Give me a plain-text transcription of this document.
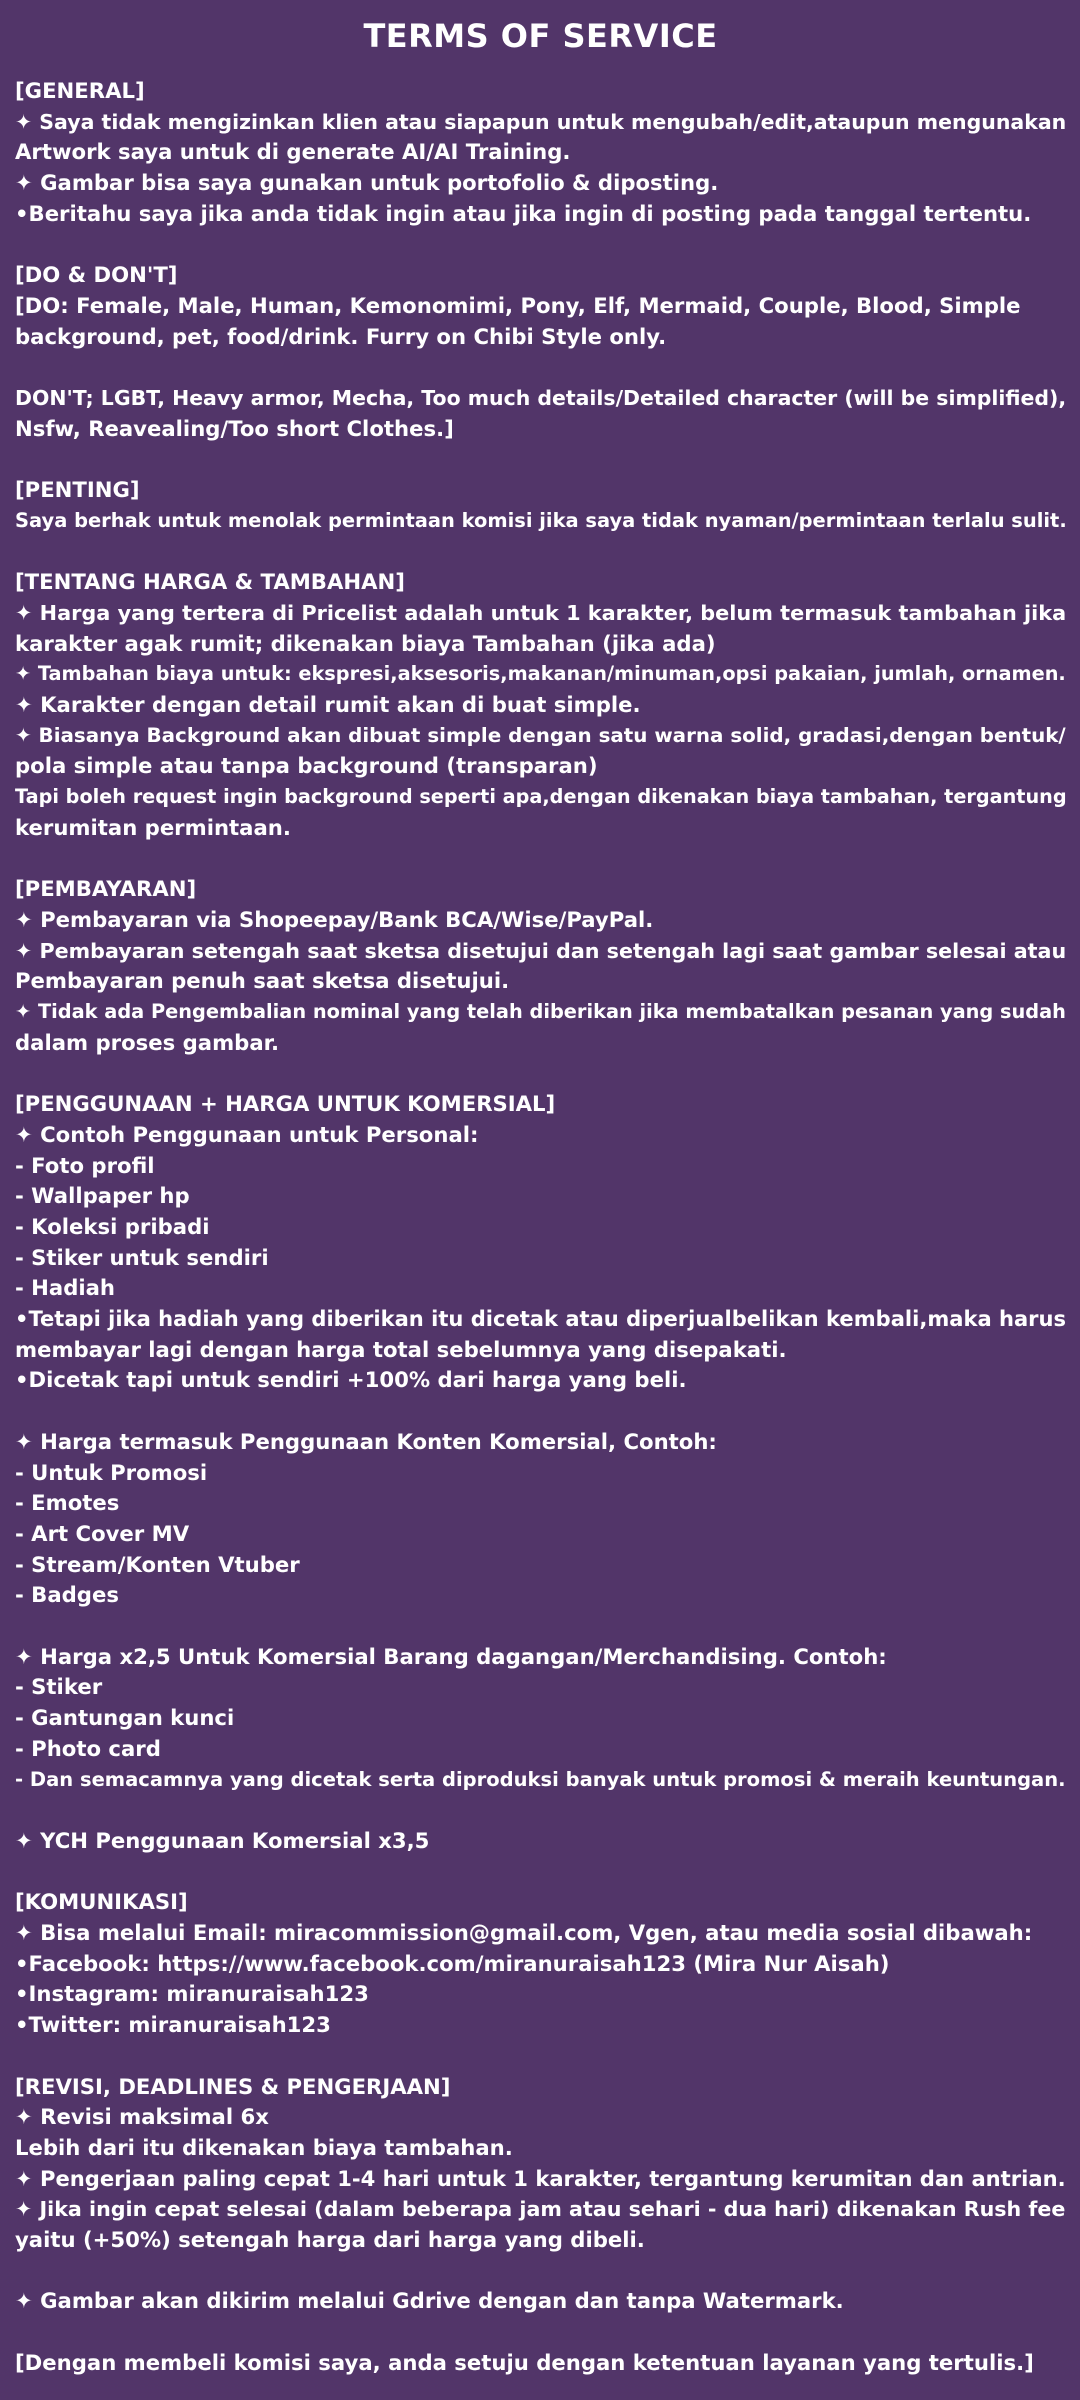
TERMS OF SERVICE
[GENERAL]
✦ Saya tidak mengizinkan klien atau siapapun untuk mengubah/edit,ataupun mengunakan
Artwork saya untuk di generate AI/AI Training.
✦ Gambar bisa saya gunakan untuk portofolio & diposting.
•Beritahu saya jika anda tidak ingin atau jika ingin di posting pada tanggal tertentu.
[DO & DON'T]
[DO: Female, Male, Human, Kemonomimi, Pony, Elf, Mermaid, Couple, Blood, Simple
background, pet, food/drink. Furry on Chibi Style only.
DON'T; LGBT, Heavy armor, Mecha, Too much details/Detailed character (will be simplified),
Nsfw, Reavealing/Too short Clothes.]
[PENTING]
Saya berhak untuk menolak permintaan komisi jika saya tidak nyaman/permintaan terlalu sulit.
[TENTANG HARGA & TAMBAHAN]
✦ Harga yang tertera di Pricelist adalah untuk 1 karakter, belum termasuk tambahan jika
karakter agak rumit; dikenakan biaya Tambahan (jika ada)
✦ Tambahan biaya untuk: ekspresi,aksesoris,makanan/minuman,opsi pakaian, jumlah, ornamen.
✦ Karakter dengan detail rumit akan di buat simple.
✦ Biasanya Background akan dibuat simple dengan satu warna solid, gradasi,dengan bentuk/
pola simple atau tanpa background (transparan)
Tapi boleh request ingin background seperti apa,dengan dikenakan biaya tambahan, tergantung
kerumitan permintaan.
[PEMBAYARAN]
✦ Pembayaran via Shopeepay/Bank BCA/Wise/PayPal.
✦ Pembayaran setengah saat sketsa disetujui dan setengah lagi saat gambar selesai atau
Pembayaran penuh saat sketsa disetujui.
✦ Tidak ada Pengembalian nominal yang telah diberikan jika membatalkan pesanan yang sudah
dalam proses gambar.
[PENGGUNAAN + HARGA UNTUK KOMERSIAL]
✦ Contoh Penggunaan untuk Personal:
- Foto profil
- Wallpaper hp
- Koleksi pribadi
- Stiker untuk sendiri
- Hadiah
•Tetapi jika hadiah yang diberikan itu dicetak atau diperjualbelikan kembali,maka harus
membayar lagi dengan harga total sebelumnya yang disepakati.
•Dicetak tapi untuk sendiri +100% dari harga yang beli.
✦ Harga termasuk Penggunaan Konten Komersial, Contoh:
- Untuk Promosi
- Emotes
- Art Cover MV
- Stream/Konten Vtuber
- Badges
✦ Harga x2,5 Untuk Komersial Barang dagangan/Merchandising. Contoh:
- Stiker
- Gantungan kunci
- Photo card
- Dan semacamnya yang dicetak serta diproduksi banyak untuk promosi & meraih keuntungan.
✦ YCH Penggunaan Komersial x3,5
[KOMUNIKASI]
✦ Bisa melalui Email: miracommission@gmail.com, Vgen, atau media sosial dibawah:
•Facebook: https://www.facebook.com/miranuraisah123 (Mira Nur Aisah)
•Instagram: miranuraisah123
•Twitter: miranuraisah123
[REVISI, DEADLINES & PENGERJAAN]
✦ Revisi maksimal 6x
Lebih dari itu dikenakan biaya tambahan.
✦ Pengerjaan paling cepat 1-4 hari untuk 1 karakter, tergantung kerumitan dan antrian.
✦ Jika ingin cepat selesai (dalam beberapa jam atau sehari - dua hari) dikenakan Rush fee
yaitu (+50%) setengah harga dari harga yang dibeli.
✦ Gambar akan dikirim melalui Gdrive dengan dan tanpa Watermark.
[Dengan membeli komisi saya, anda setuju dengan ketentuan layanan yang tertulis.]
